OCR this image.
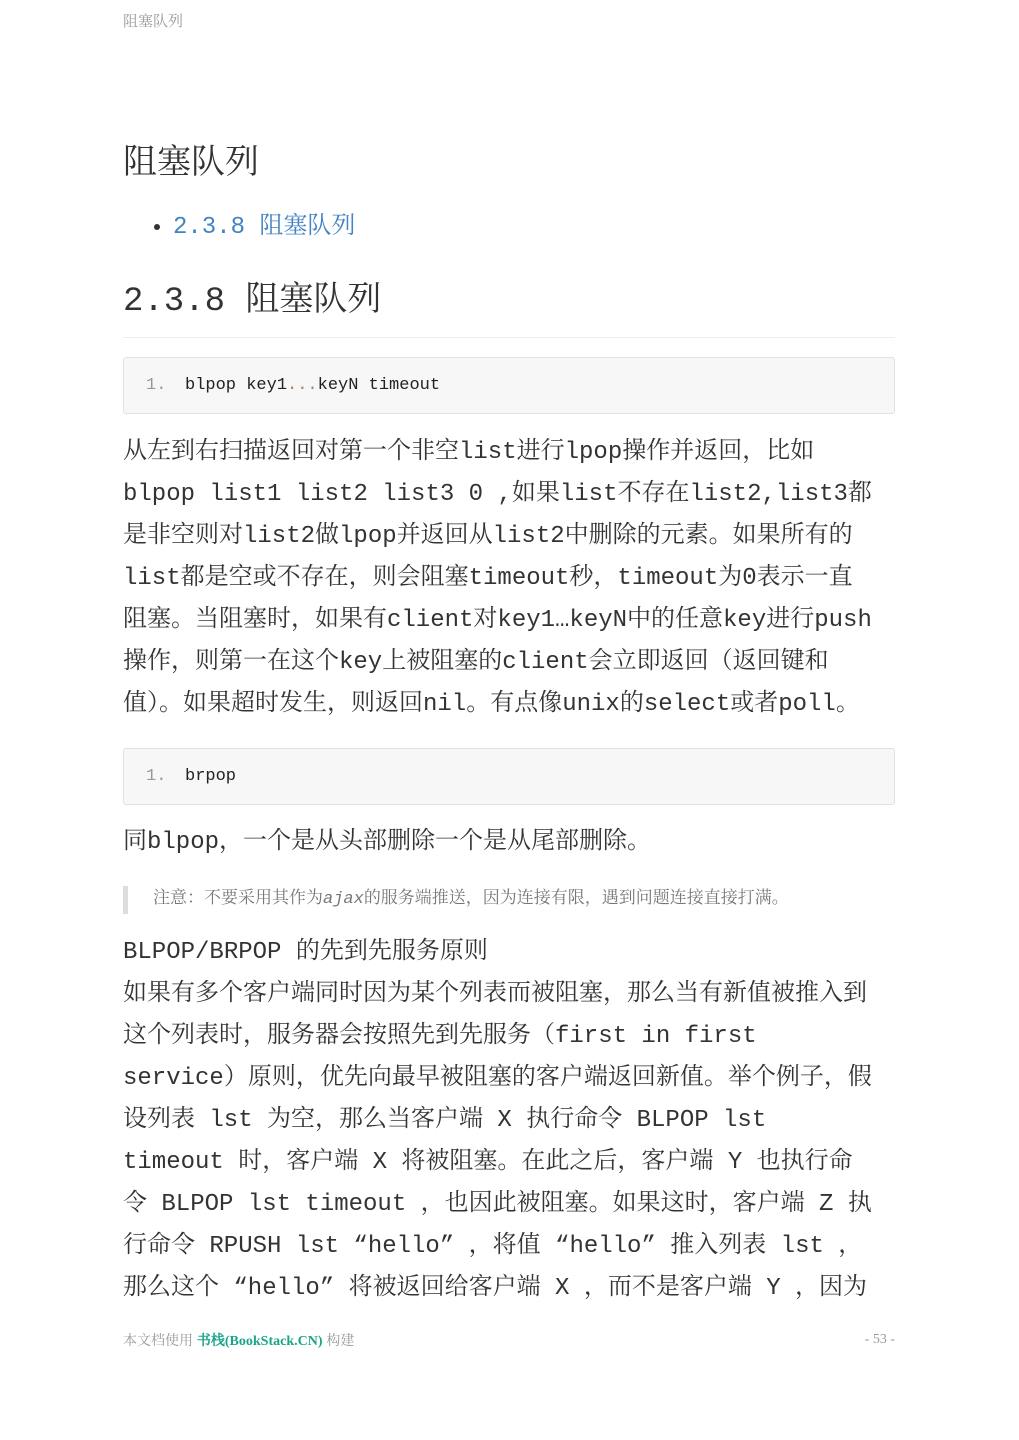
阻塞队列
阻塞队列
• 2.3.8 阻塞队列
2.3.8 阻塞队列
1. blpop key1...keyN timeout

从左到右扫描返回对第一个非空list进行lpop操作并返回，比如
blpop list1 list2 list3 0 ,如果list不存在list2,list3都
是非空则对list2做lpop并返回从list2中删除的元素。如果所有的
list都是空或不存在，则会阻塞timeout秒，timeout为0表示一直
阻塞。当阻塞时，如果有client对key1…keyN中的任意key进行push
操作，则第一在这个key上被阻塞的client会立即返回（返回键和
值）。如果超时发生，则返回nil。有点像unix的select或者poll。

1. brpop

同blpop，一个是从头部删除一个是从尾部删除。

注意：不要采用其作为ajax的服务端推送，因为连接有限，遇到问题连接直接打满。

BLPOP/BRPOP 的先到先服务原则
如果有多个客户端同时因为某个列表而被阻塞，那么当有新值被推入到
这个列表时，服务器会按照先到先服务（first in first
service）原则，优先向最早被阻塞的客户端返回新值。举个例子，假
设列表 lst 为空，那么当客户端 X 执行命令 BLPOP lst
timeout 时，客户端 X 将被阻塞。在此之后，客户端 Y 也执行命
令 BLPOP lst timeout ，也因此被阻塞。如果这时，客户端 Z 执
行命令 RPUSH lst “hello” ，将值 “hello” 推入列表 lst ，
那么这个 “hello” 将被返回给客户端 X ，而不是客户端 Y ，因为

本文档使用 书栈(BookStack.CN) 构建	- 53 -
